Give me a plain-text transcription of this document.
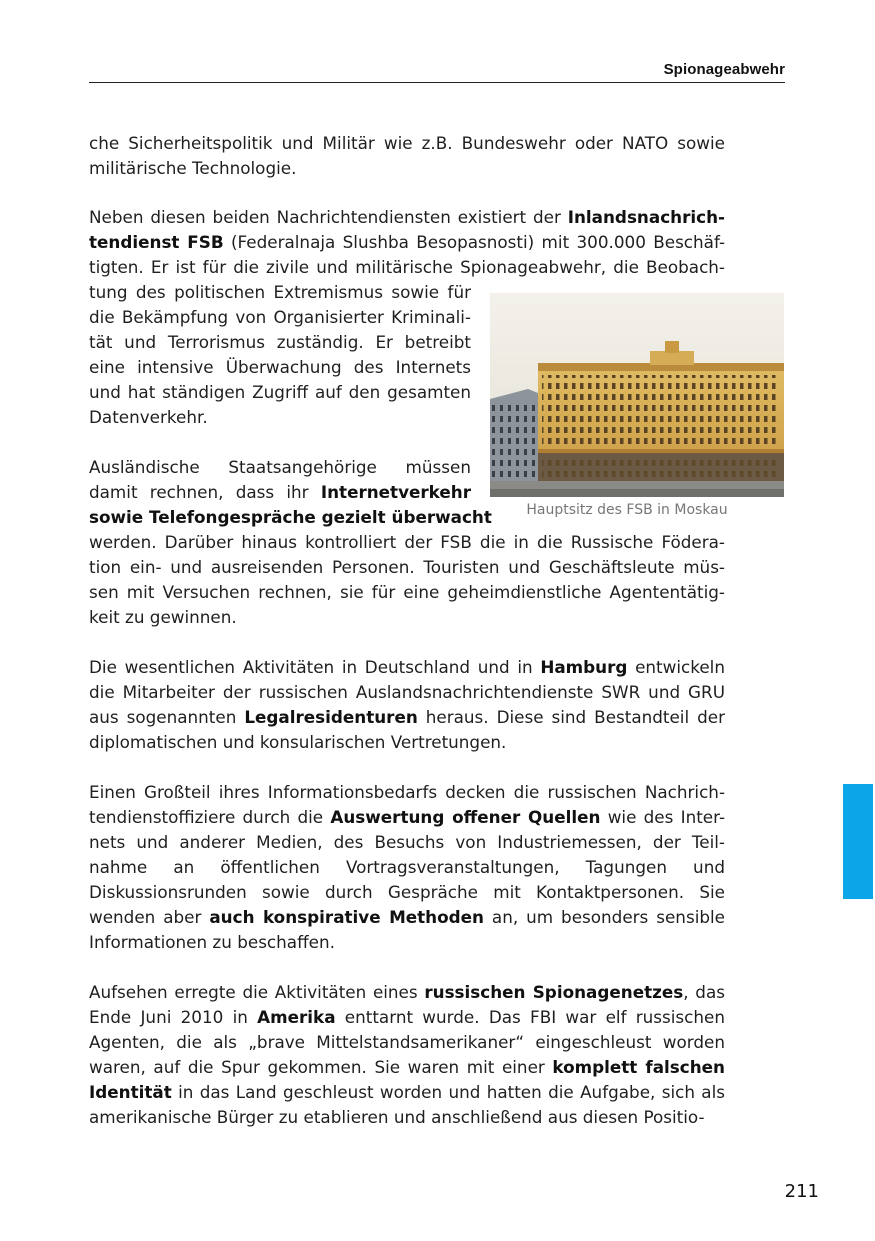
Spionageabwehr
che Sicherheitspolitik und Militär wie z.B. Bundeswehr oder NATO sowie
militärische Technologie.
Neben diesen beiden Nachrichtendiensten existiert der Inlandsnachrich-
tendienst FSB (Federalnaja Slushba Besopasnosti) mit 300.000 Beschäf-
tigten. Er ist für die zivile und militärische Spionageabwehr, die Beobach-
tung des politischen Extremismus sowie für
die Bekämpfung von Organisierter Kriminali-
tät und Terrorismus zuständig. Er betreibt
eine intensive Überwachung des Internets
und hat ständigen Zugriff auf den gesamten
Datenverkehr.
Ausländische Staatsangehörige müssen
damit rechnen, dass ihr Internetverkehr
sowie Telefongespräche gezielt überwacht
werden. Darüber hinaus kontrolliert der FSB die in die Russische Födera-
tion ein- und ausreisenden Personen. Touristen und Geschäftsleute müs-
sen mit Versuchen rechnen, sie für eine geheimdienstliche Agententätig-
keit zu gewinnen.
Die wesentlichen Aktivitäten in Deutschland und in Hamburg entwickeln
die Mitarbeiter der russischen Auslandsnachrichtendienste SWR und GRU
aus sogenannten Legalresidenturen heraus. Diese sind Bestandteil der
diplomatischen und konsularischen Vertretungen.
Einen Großteil ihres Informationsbedarfs decken die russischen Nachrich-
tendienstoffiziere durch die Auswertung offener Quellen wie des Inter-
nets und anderer Medien, des Besuchs von Industriemessen, der Teil-
nahme an öffentlichen Vortragsveranstaltungen, Tagungen und
Diskussionsrunden sowie durch Gespräche mit Kontaktpersonen. Sie
wenden aber auch konspirative Methoden an, um besonders sensible
Informationen zu beschaffen.
Aufsehen erregte die Aktivitäten eines russischen Spionagenetzes, das
Ende Juni 2010 in Amerika enttarnt wurde. Das FBI war elf russischen
Agenten, die als „brave Mittelstandsamerikaner“ eingeschleust worden
waren, auf die Spur gekommen. Sie waren mit einer komplett falschen
Identität in das Land geschleust worden und hatten die Aufgabe, sich als
amerikanische Bürger zu etablieren und anschließend aus diesen Positio-
Hauptsitz des FSB in Moskau
211
